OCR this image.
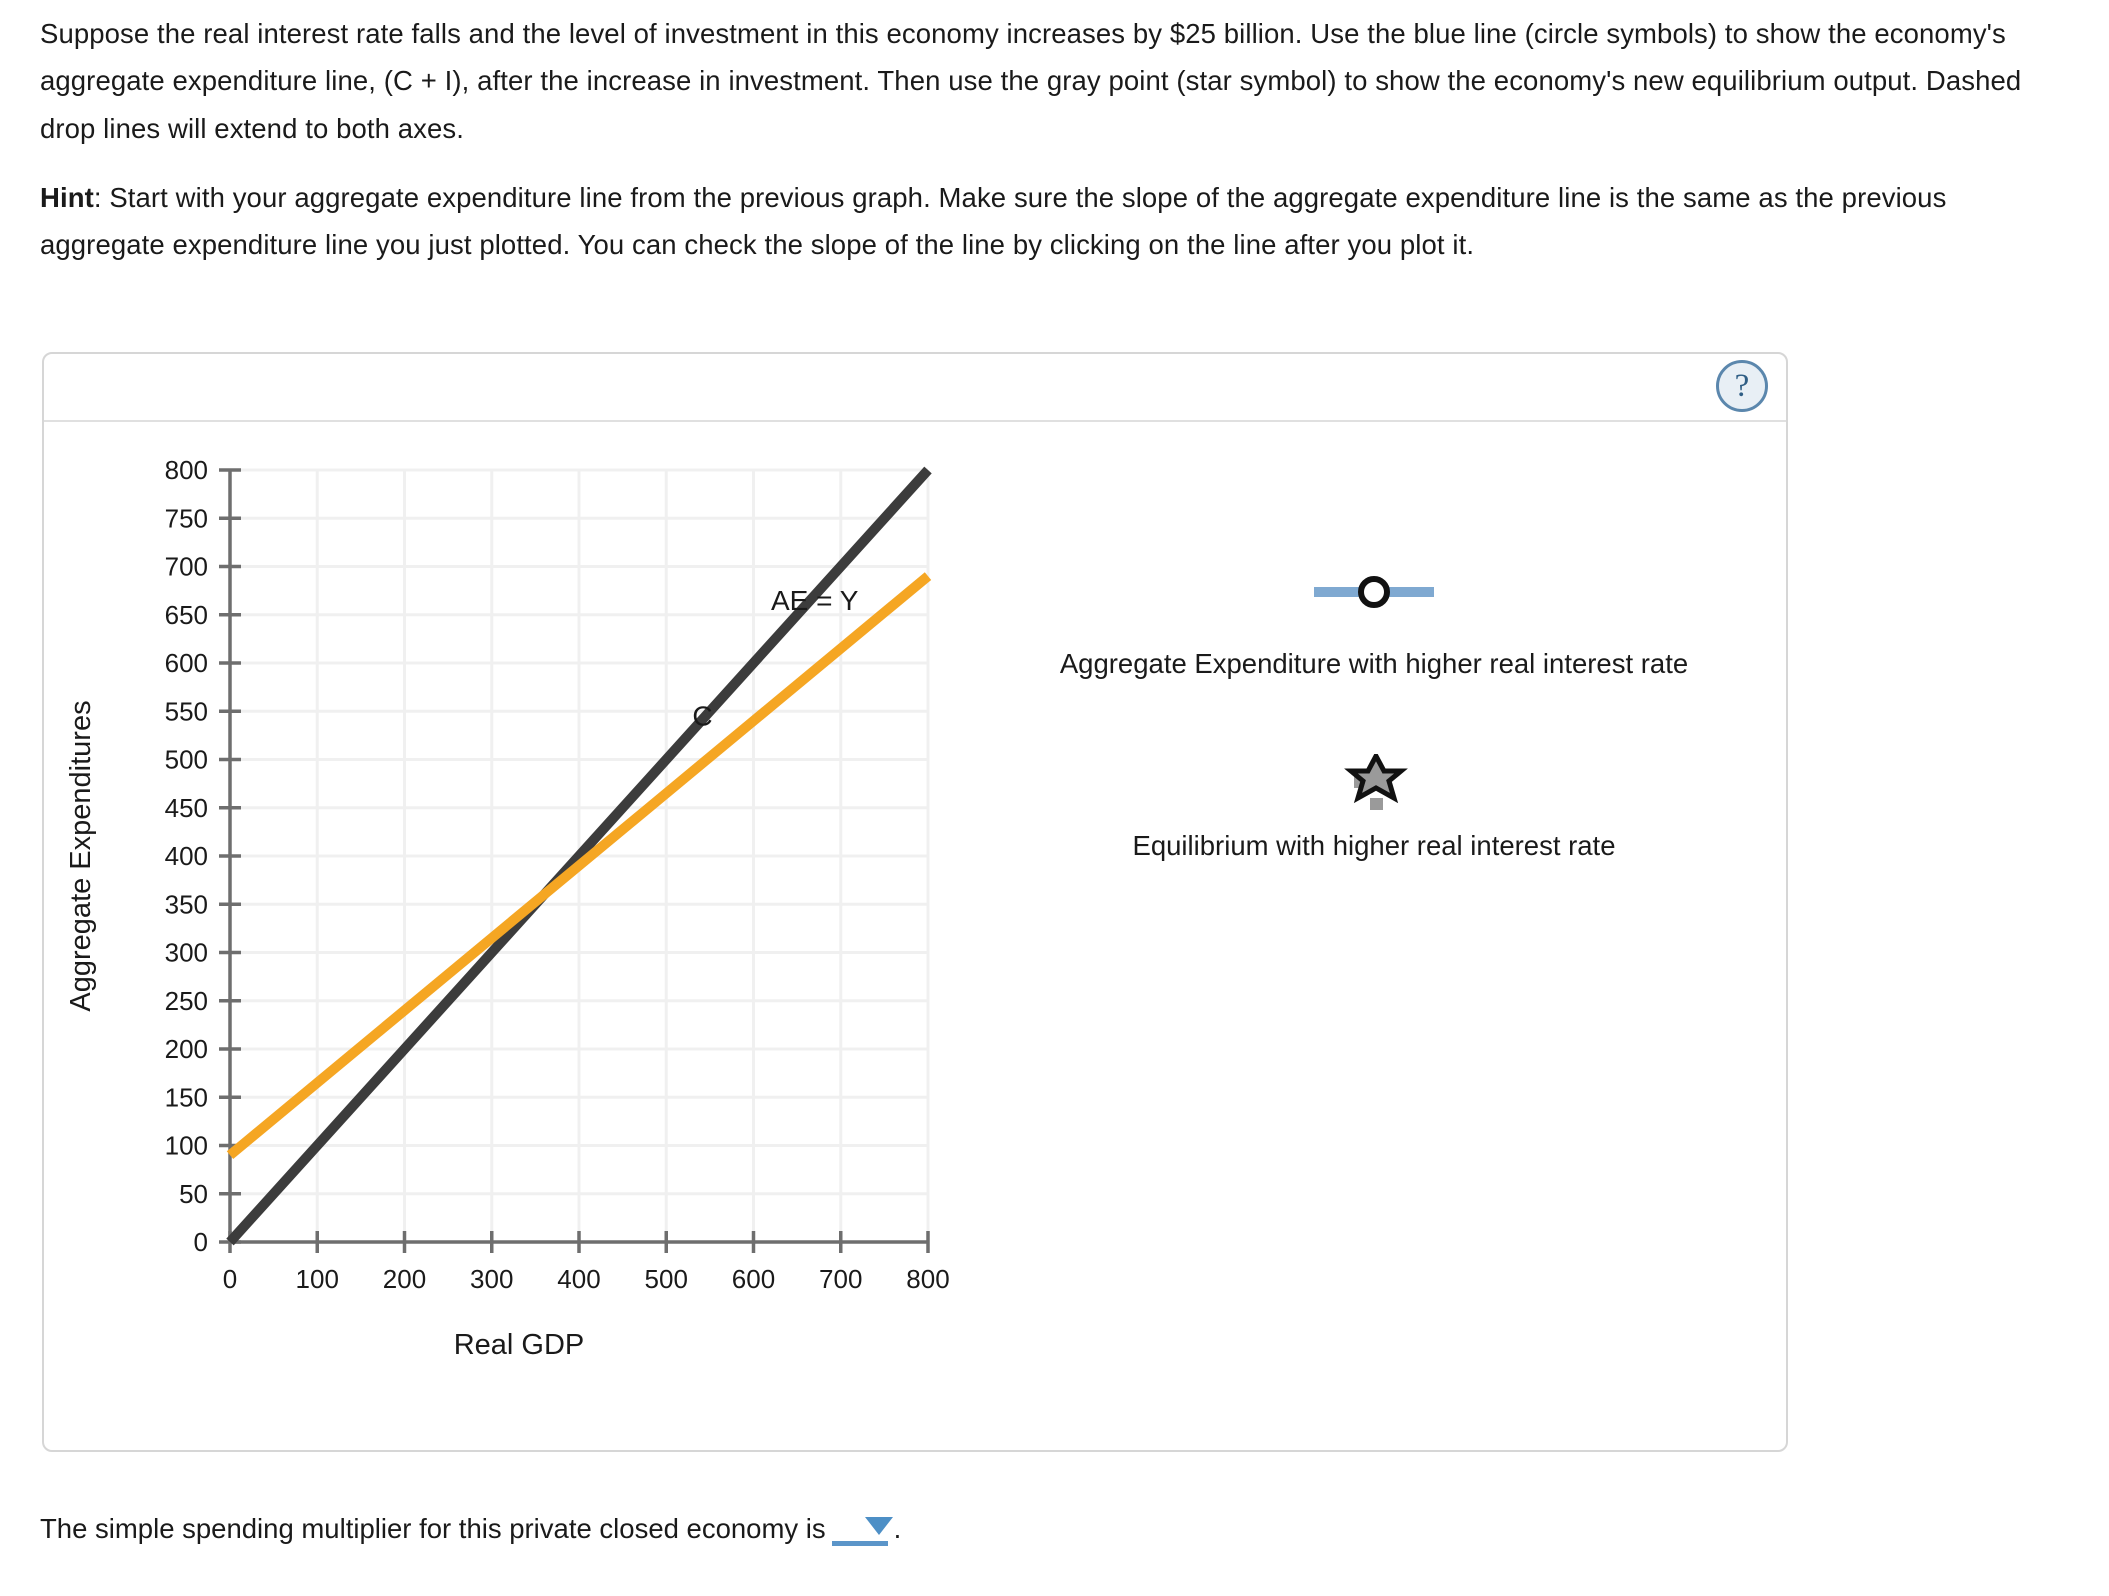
Suppose the real interest rate falls and the level of investment in this economy increases by $25 billion. Use the blue line (circle symbols) to show the economy's aggregate expenditure line, (C + I), after the increase in investment. Then use the gray point (star symbol) to show the economy's new equilibrium output. Dashed drop lines will extend to both axes.

Hint: Start with your aggregate expenditure line from the previous graph. Make sure the slope of the aggregate expenditure line is the same as the previous aggregate expenditure line you just plotted. You can check the slope of the line by clicking on the line after you plot it.

?
0
50
100
150
200
250
300
350
400
450
500
550
600
650
700
750
800
0 100 200 300 400 500 600 700 800
AE = Y
C
Real GDP
Aggregate Expenditures
Aggregate Expenditure with higher real interest rate
Equilibrium with higher real interest rate
The simple spending multiplier for this private closed economy is

.
